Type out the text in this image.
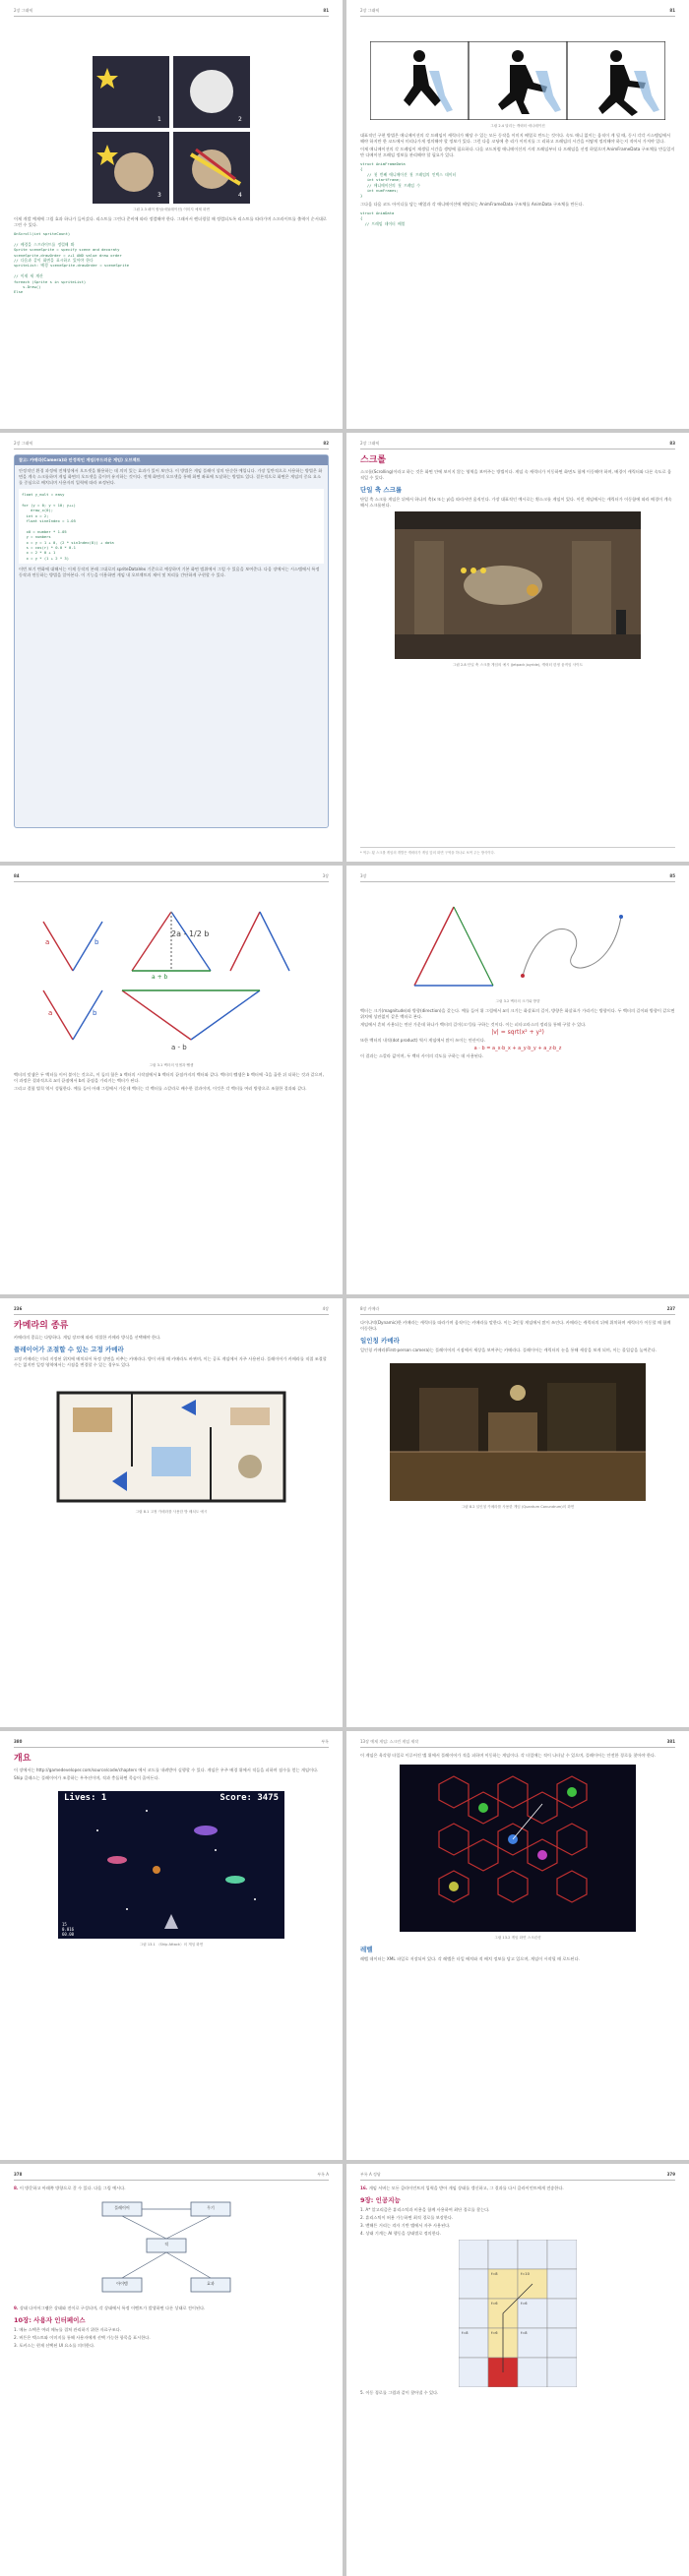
2장 그래픽	81
1	2
3	4
그림 2.3 페이 합성(애뮬레이션) 이미지 예제 화면
이제 개발 예제에 그림 효과 하나가 들어갔다. 리스트를 그린다 준비에 따라 정렬해야 한다. 그래서서 렌더링할 때 정렬되도록 리스트를 따라가며 스프라이트를 출력이 순서대로 그린 수 있다.
OnScroll(int spriteCount)

// 배경을 스프라이트를 정렬해 봐
Sprite sceneSprite = specify scene and decoraty
sceneSprite.drawOrder = z+1 AND value draw order
// 다음과 같이 화면을 표시하고 있어야 한다
spriteList: 배경 sceneSprite.drawOrder = sceneSprite

// 이제 새 계산
foreach (Sprite s in spriteList)
s.Draw()
Else
2장 그래픽	81
그림 2.4 달리는 캐릭터 애니메이션
대표적인 구현 방법은 애니메이션의 각 프레임이 캐릭터가 해당 수 있는 모든 동작을 이미지 배열로 만드는 것이다. 속도 애니 없이는 움직이 게 될 때, 동시 각각 시스템임에서 해야 하지만 한 코드에서 미리나가게 정의해야 할 정보가 있다. 그런 다음 코딩에 총 리가 이미지를 그 리하고 프레임의 시간을 어떻게 정의해야 하는지 적어서 가져야 있다.
이제 애니메이션의 각 프레임이 재생될 시간을 생명에 필요하다. 다음 코드처럼 애니메이션의 시작 프레임부터 다 프레임을 선정 하였으며 AnimFrameData 구조체를 만들었지만 다메이션 프레임 정보를 관리해야 할 필요가 있다.
struct AnimFrameData
{
// 첫 번째 애니메이션 첫 프레임의 인덱스 데이터
int startFrame;
// 애니메이션의 첫 프레임 수
int numFrames;
}
그다음 다음 코드 아이디를 담는 배열과 각 애니메이션에 해당되는 AnimFrameData 구조체를 AnimData 구조체를 만든다.
struct AnimData
{
// 프레임 데이터 배열
2장 그래픽	82
참고: 카메라(Camera)와 안정적인 게임(부드러운 게임) 오브젝트
안정적인 환경 과정에 전체성에서 오프셋을 활용하는 데 의미 있는 효과가 있어 보인다. 이 방법은 게임 플레이 상의 단순한 예입니다. 가장 일반적으로 사용하는 방법은 화면을 계속 스크롤하며 게임 화면의 오프셋을 줄이며 유지하는 것이다. 전체 화면의 오프셋을 통해 화면 좌표에 도달하는 방법도 있다. 결론적으로 화면은 게임의 중요 요소를 중심으로 배치되며 사용자의 입력에 따라 조정된다.
float y_mult = easy

for (y = 0; y < 10; y++)
draw_x(0);
int x = 2;
float sineIndex = 1.05

x0 = number * 1.05
y = numbers
x = y = 1 + 0, (2 * sinIndex(8)) + data
s = cos(r) * 0.0 * 0.1
x = 2 * 0 + 1
x = y * (1 + 2 * 3)
이번 보기 변화에 대해서는 이제 동작의 본래 그대로의 spriteDataVex 기준으로 예상하며 기본 화면 범위에서 그럴 수 있음을 보여준다. 다음 장에서는 시스템에서 특정 동작과 연동하는 방법을 알아본다. 이 기능을 이용하면 게임 내 오브젝트의 제어 및 처리를 간단하게 구현할 수 있다.
2장 그래픽	83
스크롤
스크롤(Scrolling)이라고 하는 것은 화면 안에 보이지 않는 영역을 보여주는 방법이다. 게임 속 캐릭터가 이동하면 화면도 함께 이동해야 하며, 배경이 캐릭터와 다른 속도로 움직일 수 있다.
단일 축 스크롤
단일 축 스크롤 게임은 뒤에서 하나의 축(x 또는 y)을 따라서만 움직인다. 가장 대표적인 예시로는 횡스크롤 게임이 있다. 이런 게임에서는 캐릭터가 이동함에 따라 배경이 계속해서 스크롤된다.
그림 2.8 단일 축 스크롤 게임의 예시 (Jetpack Joyride), 캐릭터 한정 움직임 사이트
* 역주: 횡 스크롤 게임의 개발은 캐릭터가 게임 앞의 화면 구역을 하나로 보여 주는 방식이다.
84	3장
a	b
a + b
2a - 1/2 b
a	b
a - b
그림 3.1 벡터의 덧셈과 뺄셈
벡터의 덧셈은 두 벡터를 이어 붙이는 것으로, 이 둘의 합은 a 벡터의 시작점에서 b 벡터의 끝점까지의 벡터와 같다. 벡터의 뺄셈은 b 벡터에 -1을 곱한 뒤 더하는 것과 같으며, 이 과정은 결과적으로 a의 끝점에서 b의 끝점을 가리키는 벡터가 된다.
그리고 결합 법칙 역시 성립한다. 예를 들어 아래 그림에서 가운데 벡터는 각 벡터를 스칼라로 배수한 결과이며, 이것은 각 벡터를 여러 방향으로 조합한 결과와 같다.
3장	85
그림 3.2 벡터의 크기와 방향
벡터는 크기(magnitude)와 방향(direction)을 갖는다. 예를 들어 위 그림에서 a의 크기는 화살표의 길이, 방향은 화살표가 가리키는 방향이다. 두 벡터의 길이와 방향이 같으면 위치에 상관없이 같은 벡터로 본다.
게임에서 흔히 사용되는 연산 가운데 하나가 벡터의 길이(크기)를 구하는 것이다. 이는 피타고라스의 정리를 통해 구할 수 있다.
|v| = sqrt(x² + y²)
또한 벡터의 내적(dot product) 역시 게임에서 많이 쓰이는 연산이다.
a · b = a_x·b_x + a_y·b_y + a_z·b_z
이 결과는 스칼라 값이며, 두 벡터 사이의 각도를 구하는 데 사용된다.
236	4장
카메라의 종류
카메라의 종류는 다양하다. 게임 장르에 따라 적절한 카메라 방식을 선택해야 한다.
플레이어가 조절할 수 있는 고정 카메라
고정 카메라는 미리 지정된 위치에 배치되어 특정 장면을 비추는 카메라다. 방이 바뀔 때 카메라도 바뀌며, 이는 공포 게임에서 자주 사용된다. 플레이어가 카메라를 직접 조절할 수는 없지만 일정 영역에서는 시점을 변경할 수 있는 경우도 있다.
그림 8.1 고정 카메라를 사용한 방 배치도 예시
8장 카메라	237
다이나믹(Dynamic)한 카메라는 캐릭터를 따라가며 움직이는 카메라를 말한다. 이는 3인칭 게임에서 많이 쓰인다. 카메라는 캐릭터의 뒤에 위치하며 캐릭터가 이동할 때 함께 이동한다.
일인칭 카메라
일인칭 카메라(First-person camera)는 플레이어의 시점에서 세상을 보여주는 카메라다. 플레이어는 캐릭터의 눈을 통해 세상을 보게 되며, 이는 몰입감을 높여준다.
그림 8.2 일인칭 카메라를 사용한 게임 (Quantum Conundrum)의 화면
380	부록
개요
이 장에서는 http://gamedeveloper.com/source/code/chapters 에서 코드를 내려받아 실행할 수 있다. 게임은 우주 배경 위에서 적들을 피하며 점수를 얻는 게임이다.
Ship 클래스는 플레이어가 조종하는 우주선이며, 적과 충돌하면 목숨이 줄어든다.
Lives: 1	Score: 3475
15
0.016
60.00
그림 13.1 〈Ship Attack〉의 게임 화면
13장 예제 게임: 스크린 게임 제작	381
이 게임은 육각형 타일로 이루어진 맵 위에서 플레이어가 적을 피하며 이동하는 게임이다. 각 타일에는 적이 나타날 수 있으며, 플레이어는 안전한 경로를 찾아야 한다.
그림 13.2 게임 화면 스크린샷
레벨
레벨 데이터는 XML 파일로 저장되어 있다. 각 레벨은 타일 배치와 적 배치 정보를 담고 있으며, 게임이 시작될 때 로드된다.
378	부록 A
8. 이 방문하고 아래쪽 방향으로 갈 수 있다. 다음 그림 예시다.
플레이어	무기
적
아이템	효과
9. 상태 다이어그램은 상태와 전이로 구성되며, 각 상태에서 특정 이벤트가 발생하면 다른 상태로 전이된다.
10장: 사용자 인터페이스
1. 메뉴 스택은 여러 메뉴를 겹쳐 관리하기 위한 자료구조다.
2. 버튼은 텍스트와 이미지를 통해 사용자에게 선택 가능한 항목을 표시한다.
3. 포커스는 현재 선택된 UI 요소를 의미한다.
부록 A 정답	379
16. 게임 서버는 모든 클라이언트의 입력을 받아 게임 상태를 갱신하고, 그 결과를 다시 클라이언트에게 전송한다.
9장: 인공지능
1. A* 알고리즘은 휴리스틱과 비용을 함께 사용하여 최단 경로를 찾는다.
2. 휴리스틱이 허용 가능하면 최적 경로를 보장한다.
3. 맨해튼 거리는 격자 기반 맵에서 자주 사용된다.
4. 상태 기계는 AI 행동을 상태별로 정의한다.
f=8	f=10
f=6	f=6
f=8	f=6	f=8
5. 이동 경로를 그림과 같이 찾아낼 수 있다.
